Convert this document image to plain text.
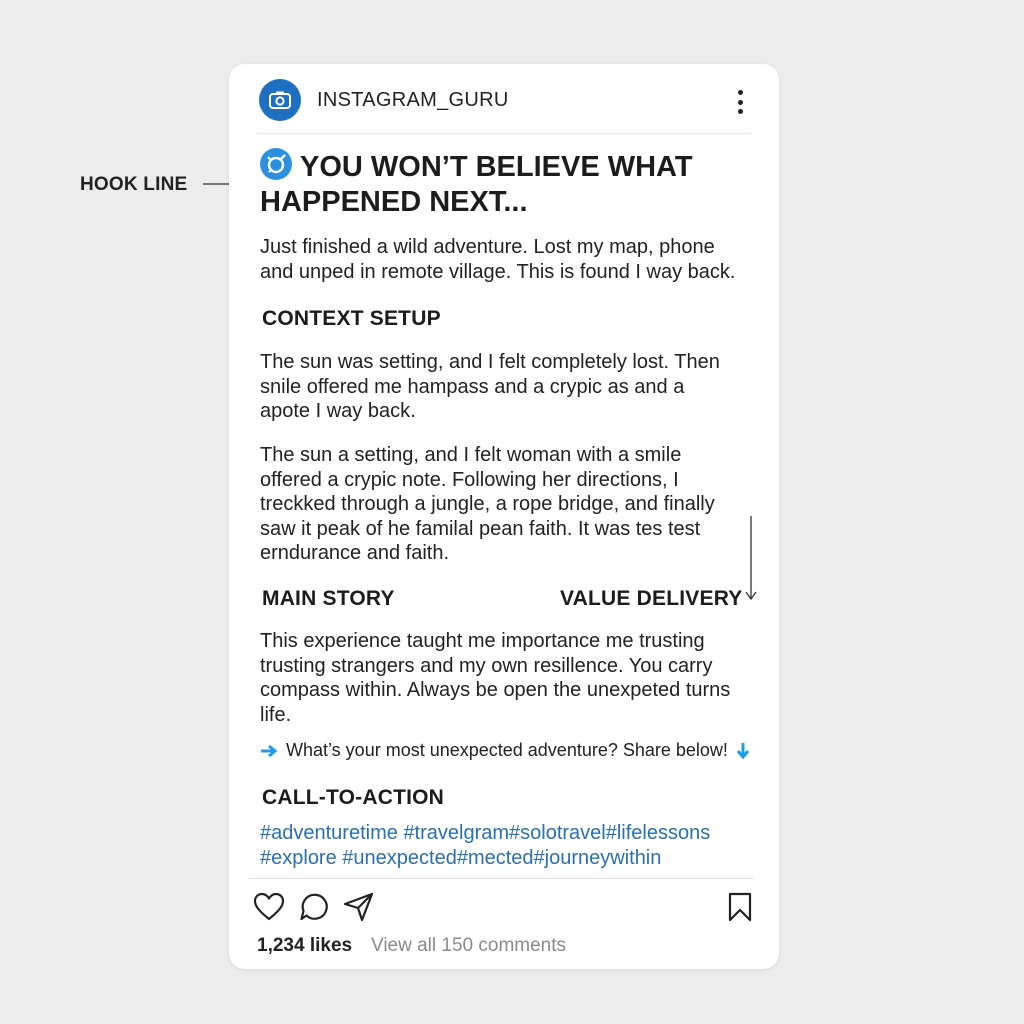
HOOK LINE
INSTAGRAM_GURU
YOU WON’T BELIEVE WHAT
HAPPENED NEXT...
Just finished a wild adventure. Lost my map, phone
and unped in remote village. This is found I way back.
CONTEXT SETUP
The sun was setting, and I felt completely lost. Then
snile offered me hampass and a crypic as and a
apote I way back.
The sun a setting, and I felt woman with a smile
offered a crypic note. Following her directions, I
treckked through a jungle, a rope bridge, and finally
saw it peak of he familal pean faith. It was tes test
erndurance and faith.
MAIN STORY	VALUE DELIVERY
This experience taught me importance me trusting
trusting strangers and my own resillence. You carry
compass within. Always be open the unexpeted turns
life.
What’s your most unexpected adventure? Share below!
CALL-TO-ACTION
#adventuretime #travelgram#solotravel#lifelessons
#explore #unexpected#mected#journeywithin
1,234 likes View all 150 comments
